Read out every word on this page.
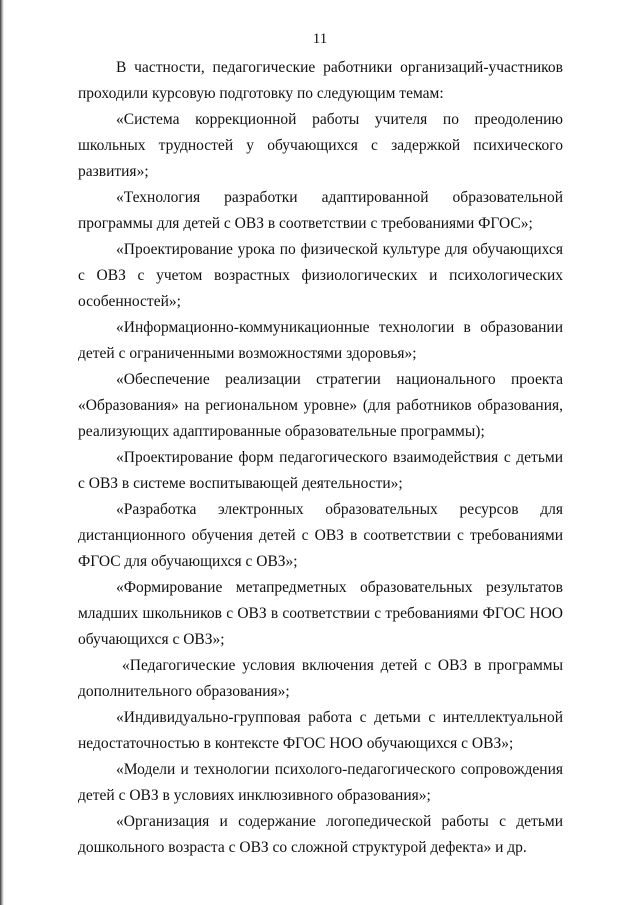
11

В частности, педагогические работники организаций-участников проходили курсовую подготовку по следующим темам:

«Система коррекционной работы учителя по преодолению школьных трудностей у обучающихся с задержкой психического развития»;

«Технология разработки адаптированной образовательной программы для детей с ОВЗ в соответствии с требованиями ФГОС»;

«Проектирование урока по физической культуре для обучающихся с ОВЗ с учетом возрастных физиологических и психологических особенностей»;

«Информационно-коммуникационные технологии в образовании детей с ограниченными возможностями здоровья»;

«Обеспечение реализации стратегии национального проекта «Образования» на региональном уровне» (для работников образования, реализующих адаптированные образовательные программы);

«Проектирование форм педагогического взаимодействия с детьми с ОВЗ в системе воспитывающей деятельности»;

«Разработка электронных образовательных ресурсов для дистанционного обучения детей с ОВЗ в соответствии с требованиями ФГОС для обучающихся с ОВЗ»;

«Формирование метапредметных образовательных результатов младших школьников с ОВЗ в соответствии с требованиями ФГОС НОО обучающихся с ОВЗ»;

«Педагогические условия включения детей с ОВЗ в программы дополнительного образования»;

«Индивидуально-групповая работа с детьми с интеллектуальной недостаточностью в контексте ФГОС НОО обучающихся с ОВЗ»;

«Модели и технологии психолого-педагогического сопровождения детей с ОВЗ в условиях инклюзивного образования»;

«Организация и содержание логопедической работы с детьми дошкольного возраста с ОВЗ со сложной структурой дефекта» и др.
